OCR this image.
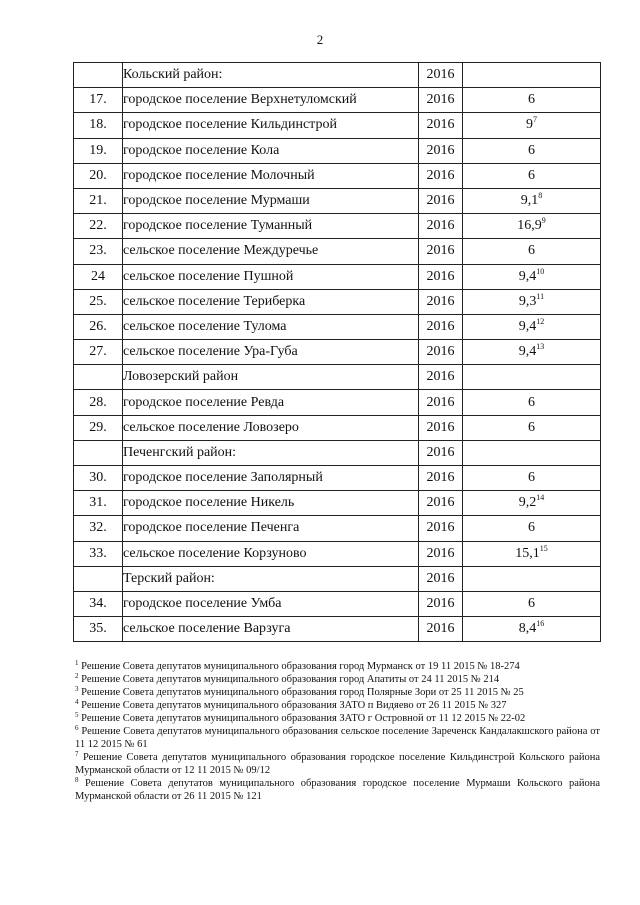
2
	Кольский район:	2016	
17.	городское поселение Верхнетуломский	2016	6
18.	городское поселение Кильдинстрой	2016	$9^7$
19.	городское поселение Кола	2016	6
20.	городское поселение Молочный	2016	6
21.	городское поселение Мурмаши	2016	$9,1^8$
22.	городское поселение Туманный	2016	16,9$^9$
23.	сельское поселение Междуречье	2016	6
24	сельское поселение Пушной	2016	$9,4^{10}$
25.	сельское поселение Териберка	2016	$9,3^{11}$
26.	сельское поселение Тулома	2016	$9,4^{12}$
27.	сельское поселение Ура-Губа	2016	$9,4^{13}$
	Ловозерский район	2016	
28.	городское поселение Ревда	2016	6
29.	сельское поселение Ловозеро	2016	6
	Печенгский район:	2016	
30.	городское поселение Заполярный	2016	6
31.	городское поселение Никель	2016	$9,2^{14}$
32.	городское поселение Печенга	2016	6
33.	сельское поселение Корзуново	2016	15,1$^{15}$
	Терский район:	2016	
34.	городское поселение Умба	2016	6
35.	сельское поселение Варзуга	2016	$8,4^{16}$

$^1$ Решение Совета депутатов муниципального образования город Мурманск от 19 11 2015 № 18-274

$^2$ Решение Совета депутатов муниципального образования город Апатиты от 24 11 2015 № 214

$^3$ Решение Совета депутатов муниципального образования город Полярные Зори от 25 11 2015 № 25

$^4$ Решение Совета депутатов муниципального образования ЗАТО п Видяево от 26 11 2015 № 327

$^5$ Решение Совета депутатов муниципального образования ЗАТО г Островной от 11 12 2015 № 22-02

$^6$ Решение Совета депутатов муниципального образования сельское поселение Зареченск Кандалакшского района от 11 12 2015 № 61

$^7$ Решение Совета депутатов муниципального образования городское поселение Кильдинстрой Кольского района Мурманской области от 12 11 2015 № 09/12

$^8$ Решение Совета депутатов муниципального образования городское поселение Мурмаши Кольского района Мурманской области от 26 11 2015 № 121
